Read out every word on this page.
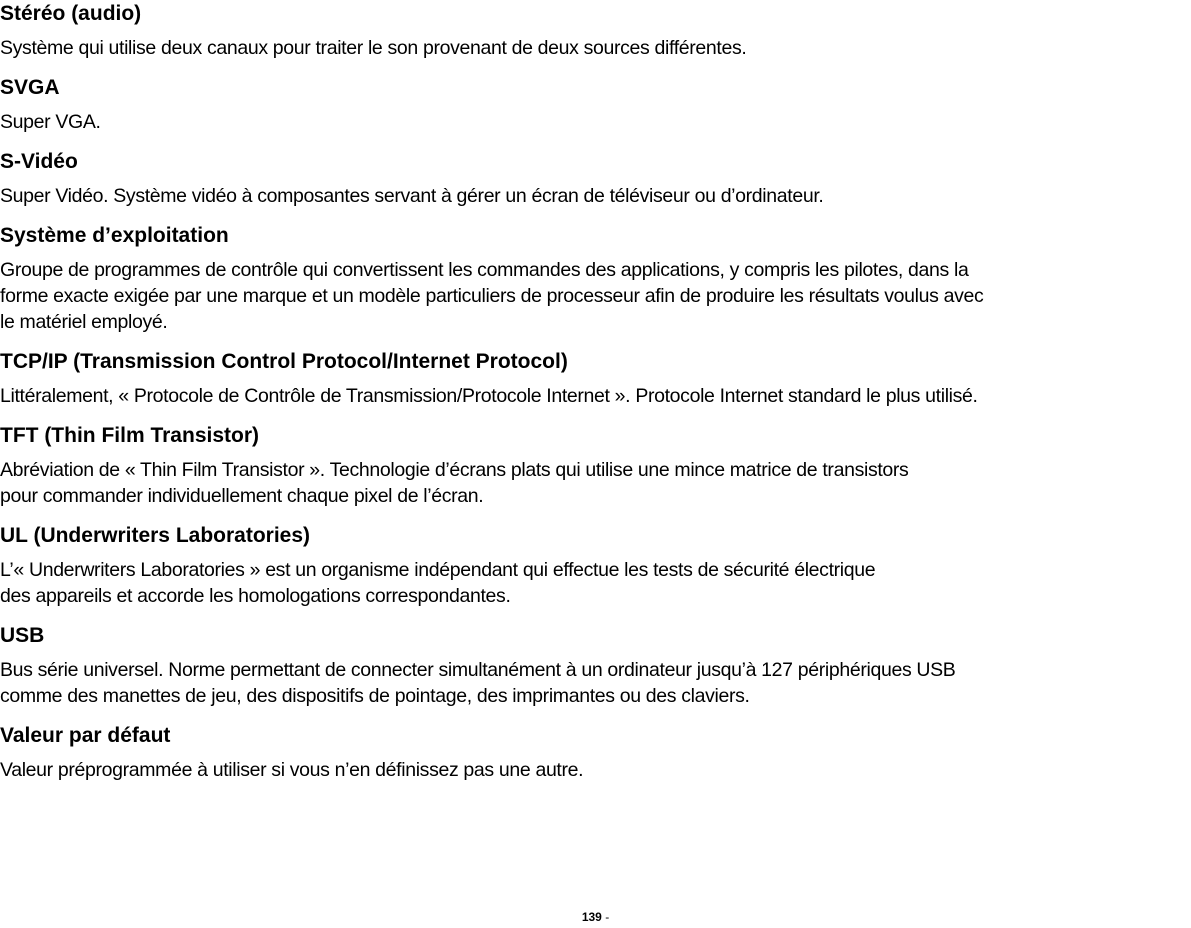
Stéréo (audio)

Système qui utilise deux canaux pour traiter le son provenant de deux sources différentes.

SVGA

Super VGA.

S-Vidéo

Super Vidéo. Système vidéo à composantes servant à gérer un écran de téléviseur ou d’ordinateur.

Système d’exploitation

Groupe de programmes de contrôle qui convertissent les commandes des applications, y compris les pilotes, dans la
forme exacte exigée par une marque et un modèle particuliers de processeur afin de produire les résultats voulus avec
le matériel employé.

TCP/IP (Transmission Control Protocol/Internet Protocol)

Littéralement, « Protocole de Contrôle de Transmission/Protocole Internet ». Protocole Internet standard le plus utilisé.

TFT (Thin Film Transistor)

Abréviation de « Thin Film Transistor ». Technologie d’écrans plats qui utilise une mince matrice de transistors
pour commander individuellement chaque pixel de l’écran.

UL (Underwriters Laboratories)

L’« Underwriters Laboratories » est un organisme indépendant qui effectue les tests de sécurité électrique
des appareils et accorde les homologations correspondantes.

USB

Bus série universel. Norme permettant de connecter simultanément à un ordinateur jusqu’à 127 périphériques USB
comme des manettes de jeu, des dispositifs de pointage, des imprimantes ou des claviers.

Valeur par défaut

Valeur préprogrammée à utiliser si vous n’en définissez pas une autre.

139 -
